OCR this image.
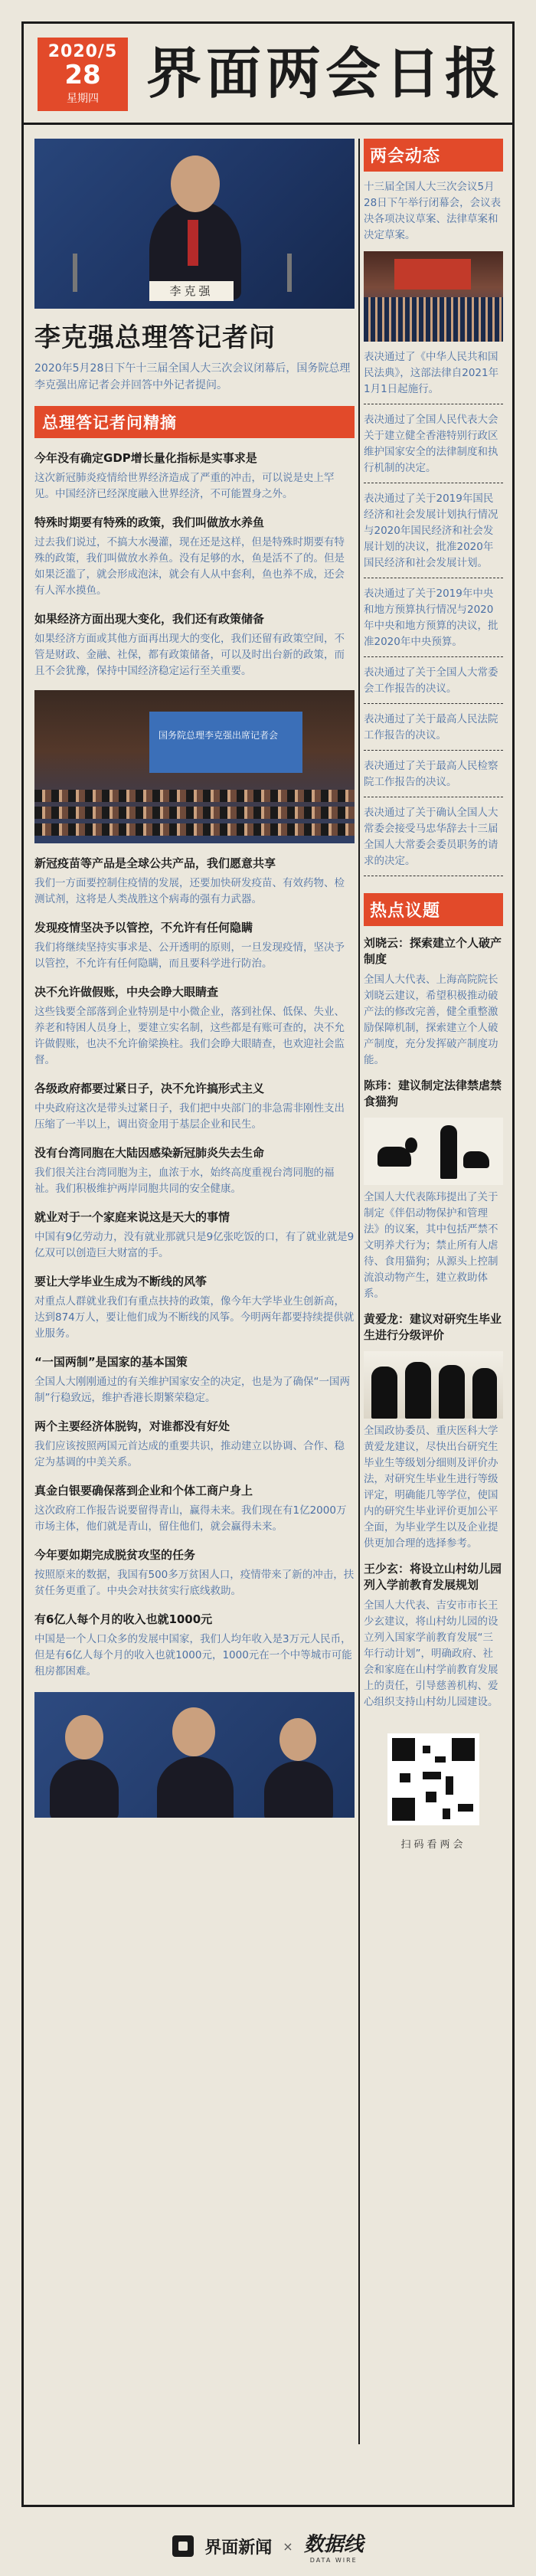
2020/5
28
星期四 界面两会日报
李克强
李克强总理答记者问
2020年5月28日下午十三届全国人大三次会议闭幕后，国务院总理李克强出席记者会并回答中外记者提问。
总理答记者问精摘
今年没有确定GDP增长量化指标是实事求是
这次新冠肺炎疫情给世界经济造成了严重的冲击，可以说是史上罕见。中国经济已经深度融入世界经济，不可能置身之外。
特殊时期要有特殊的政策，我们叫做放水养鱼
过去我们说过，不搞大水漫灌，现在还是这样，但是特殊时期要有特殊的政策，我们叫做放水养鱼。没有足够的水，鱼是活不了的。但是如果泛滥了，就会形成泡沫，就会有人从中套利，鱼也养不成，还会有人浑水摸鱼。
如果经济方面出现大变化，我们还有政策储备
如果经济方面或其他方面再出现大的变化，我们还留有政策空间，不管是财政、金融、社保，都有政策储备，可以及时出台新的政策，而且不会犹豫，保持中国经济稳定运行至关重要。
国务院总理李克强出席记者会
新冠疫苗等产品是全球公共产品，我们愿意共享
我们一方面要控制住疫情的发展，还要加快研发疫苗、有效药物、检测试剂，这将是人类战胜这个病毒的强有力武器。
发现疫情坚决予以管控，不允许有任何隐瞒
我们将继续坚持实事求是、公开透明的原则，一旦发现疫情，坚决予以管控，不允许有任何隐瞒，而且要科学进行防治。
决不允许做假账，中央会睁大眼睛查
这些钱要全部落到企业特别是中小微企业，落到社保、低保、失业、养老和特困人员身上，要建立实名制，这些都是有账可查的，决不允许做假账，也决不允许偷梁换柱。我们会睁大眼睛查，也欢迎社会监督。
各级政府都要过紧日子，决不允许搞形式主义
中央政府这次是带头过紧日子，我们把中央部门的非急需非刚性支出压缩了一半以上，调出资金用于基层企业和民生。
没有台湾同胞在大陆因感染新冠肺炎失去生命
我们很关注台湾同胞为主，血浓于水，始终高度重视台湾同胞的福祉。我们积极维护两岸同胞共同的安全健康。
就业对于一个家庭来说这是天大的事情
中国有9亿劳动力，没有就业那就只是9亿张吃饭的口，有了就业就是9亿双可以创造巨大财富的手。
要让大学毕业生成为不断线的风筝
对重点人群就业我们有重点扶持的政策，像今年大学毕业生创新高，达到874万人，要让他们成为不断线的风筝。今明两年都要持续提供就业服务。
“一国两制”是国家的基本国策
全国人大刚刚通过的有关维护国家安全的决定，也是为了确保“一国两制”行稳致远，维护香港长期繁荣稳定。
两个主要经济体脱钩，对谁都没有好处
我们应该按照两国元首达成的重要共识，推动建立以协调、合作、稳定为基调的中美关系。
真金白银要确保落到企业和个体工商户身上
这次政府工作报告说要留得青山，赢得未来。我们现在有1亿2000万市场主体，他们就是青山，留住他们，就会赢得未来。
今年要如期完成脱贫攻坚的任务
按照原来的数据，我国有500多万贫困人口，疫情带来了新的冲击，扶贫任务更重了。中央会对扶贫实行底线救助。
有6亿人每个月的收入也就1000元
中国是一个人口众多的发展中国家，我们人均年收入是3万元人民币，但是有6亿人每个月的收入也就1000元，1000元在一个中等城市可能租房都困难。
两会动态
十三届全国人大三次会议5月28日下午举行闭幕会，会议表决各项决议草案、法律草案和决定草案。
表决通过了《中华人民共和国民法典》，这部法律自2021年1月1日起施行。
表决通过了全国人民代表大会关于建立健全香港特别行政区维护国家安全的法律制度和执行机制的决定。
表决通过了关于2019年国民经济和社会发展计划执行情况与2020年国民经济和社会发展计划的决议，批准2020年国民经济和社会发展计划。
表决通过了关于2019年中央和地方预算执行情况与2020年中央和地方预算的决议，批准2020年中央预算。
表决通过了关于全国人大常委会工作报告的决议。
表决通过了关于最高人民法院工作报告的决议。
表决通过了关于最高人民检察院工作报告的决议。
表决通过了关于确认全国人大常委会接受马忠华辞去十三届全国人大常委会委员职务的请求的决定。
热点议题
刘晓云：探索建立个人破产制度
全国人大代表、上海高院院长刘晓云建议，希望积极推动破产法的修改完善，健全重整激励保障机制，探索建立个人破产制度，充分发挥破产制度功能。
陈玮：建议制定法律禁虐禁食猫狗
全国人大代表陈玮提出了关于制定《伴侣动物保护和管理法》的议案，其中包括严禁不文明养犬行为；禁止所有人虐待、食用猫狗；从源头上控制流浪动物产生，建立救助体系。
黄爱龙：建议对研究生毕业生进行分级评价
全国政协委员、重庆医科大学黄爱龙建议，尽快出台研究生毕业生等级划分细则及评价办法，对研究生毕业生进行等级评定，明确能几等学位，使国内的研究生毕业评价更加公平全面，为毕业学生以及企业提供更加合理的选择参考。
王少玄：将设立山村幼儿园列入学前教育发展规划
全国人大代表、吉安市市长王少玄建议，将山村幼儿园的设立列入国家学前教育发展“三年行动计划”，明确政府、社会和家庭在山村学前教育发展上的责任，引导慈善机构、爱心组织支持山村幼儿园建设。
扫码看两会
界面新闻 × 数据线
DATA WIRE
